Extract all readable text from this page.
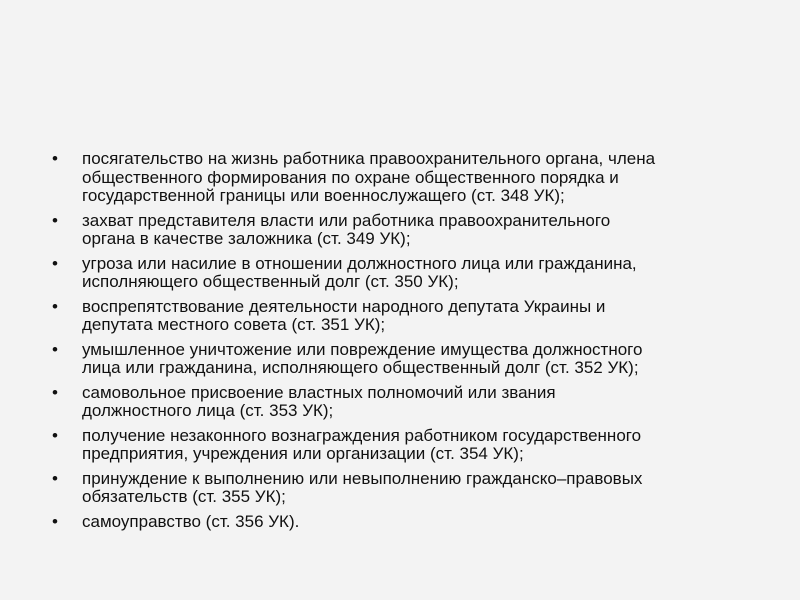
• посягательство на жизнь работника правоохранительного органа, члена
общественного формирования по охране общественного порядка и
государственной границы или военнослужащего (ст. 348 УК);
• захват представителя власти или работника правоохранительного
органа в качестве заложника (ст. 349 УК);
• угроза или насилие в отношении должностного лица или гражданина,
исполняющего общественный долг (ст. 350 УК);
• воспрепятствование деятельности народного депутата Украины и
депутата местного совета (ст. 351 УК);
• умышленное уничтожение или повреждение имущества должностного
лица или гражданина, исполняющего общественный долг (ст. 352 УК);
• самовольное присвоение властных полномочий или звания
должностного лица (ст. 353 УК);
• получение незаконного вознаграждения работником государственного
предприятия, учреждения или организации (ст. 354 УК);
• принуждение к выполнению или невыполнению гражданско–правовых
обязательств (ст. 355 УК);
• самоуправство (ст. 356 УК).
